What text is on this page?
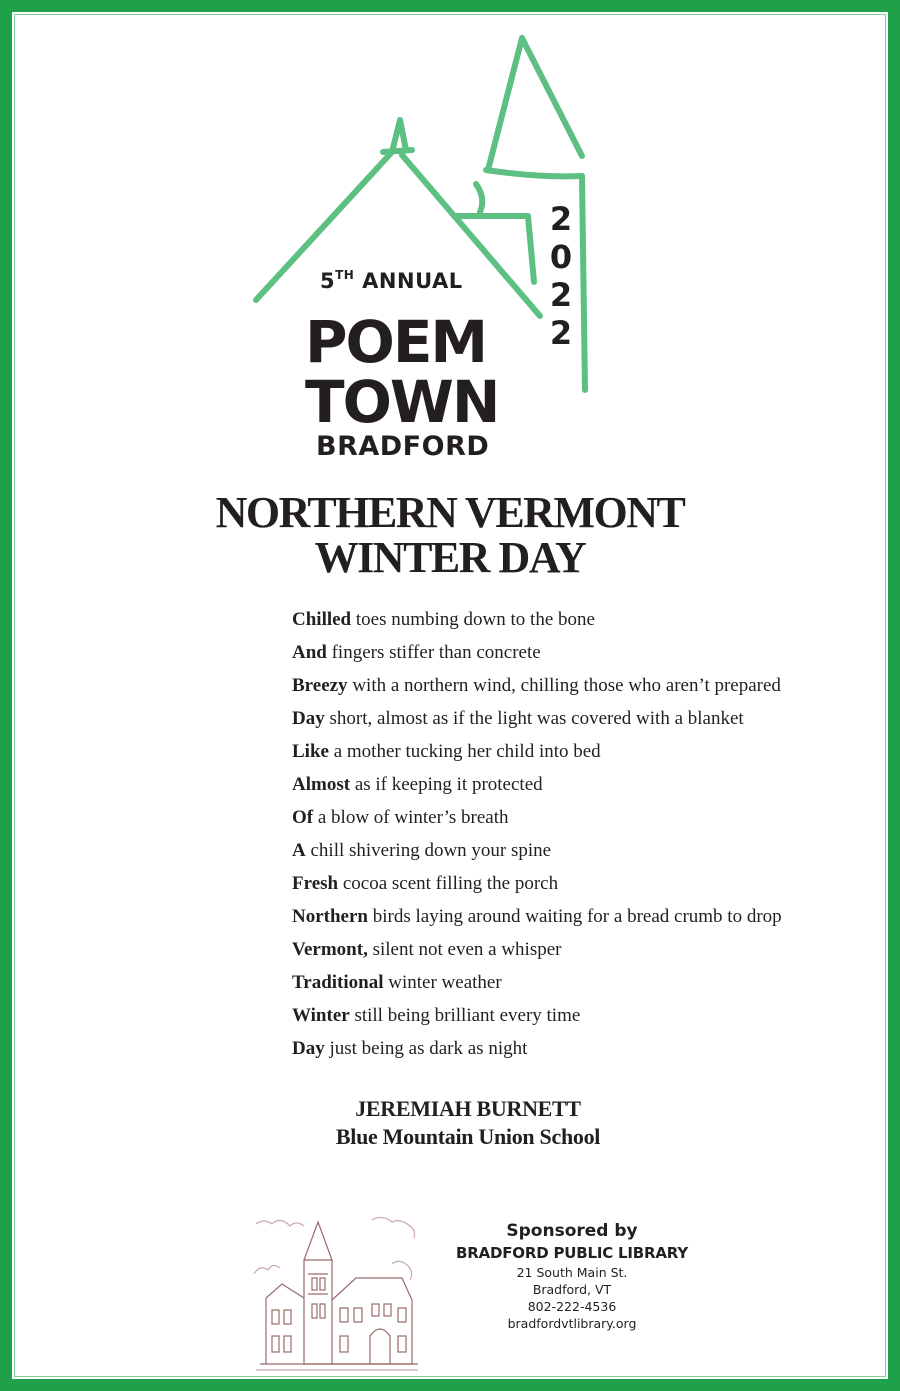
5TH ANNUAL
POEM
TOWN
BRADFORD
2
0
2
2
NORTHERN VERMONT
WINTER DAY
Chilled toes numbing down to the bone
And fingers stiffer than concrete
Breezy with a northern wind, chilling those who aren’t prepared
Day short, almost as if the light was covered with a blanket
Like a mother tucking her child into bed
Almost as if keeping it protected
Of a blow of winter’s breath
A chill shivering down your spine
Fresh cocoa scent filling the porch
Northern birds laying around waiting for a bread crumb to drop
Vermont, silent not even a whisper
Traditional winter weather
Winter still being brilliant every time
Day just being as dark as night
JEREMIAH BURNETT
Blue Mountain Union School
Sponsored by
BRADFORD PUBLIC LIBRARY
21 South Main St.
Bradford, VT
802-222-4536
bradfordvtlibrary.org
